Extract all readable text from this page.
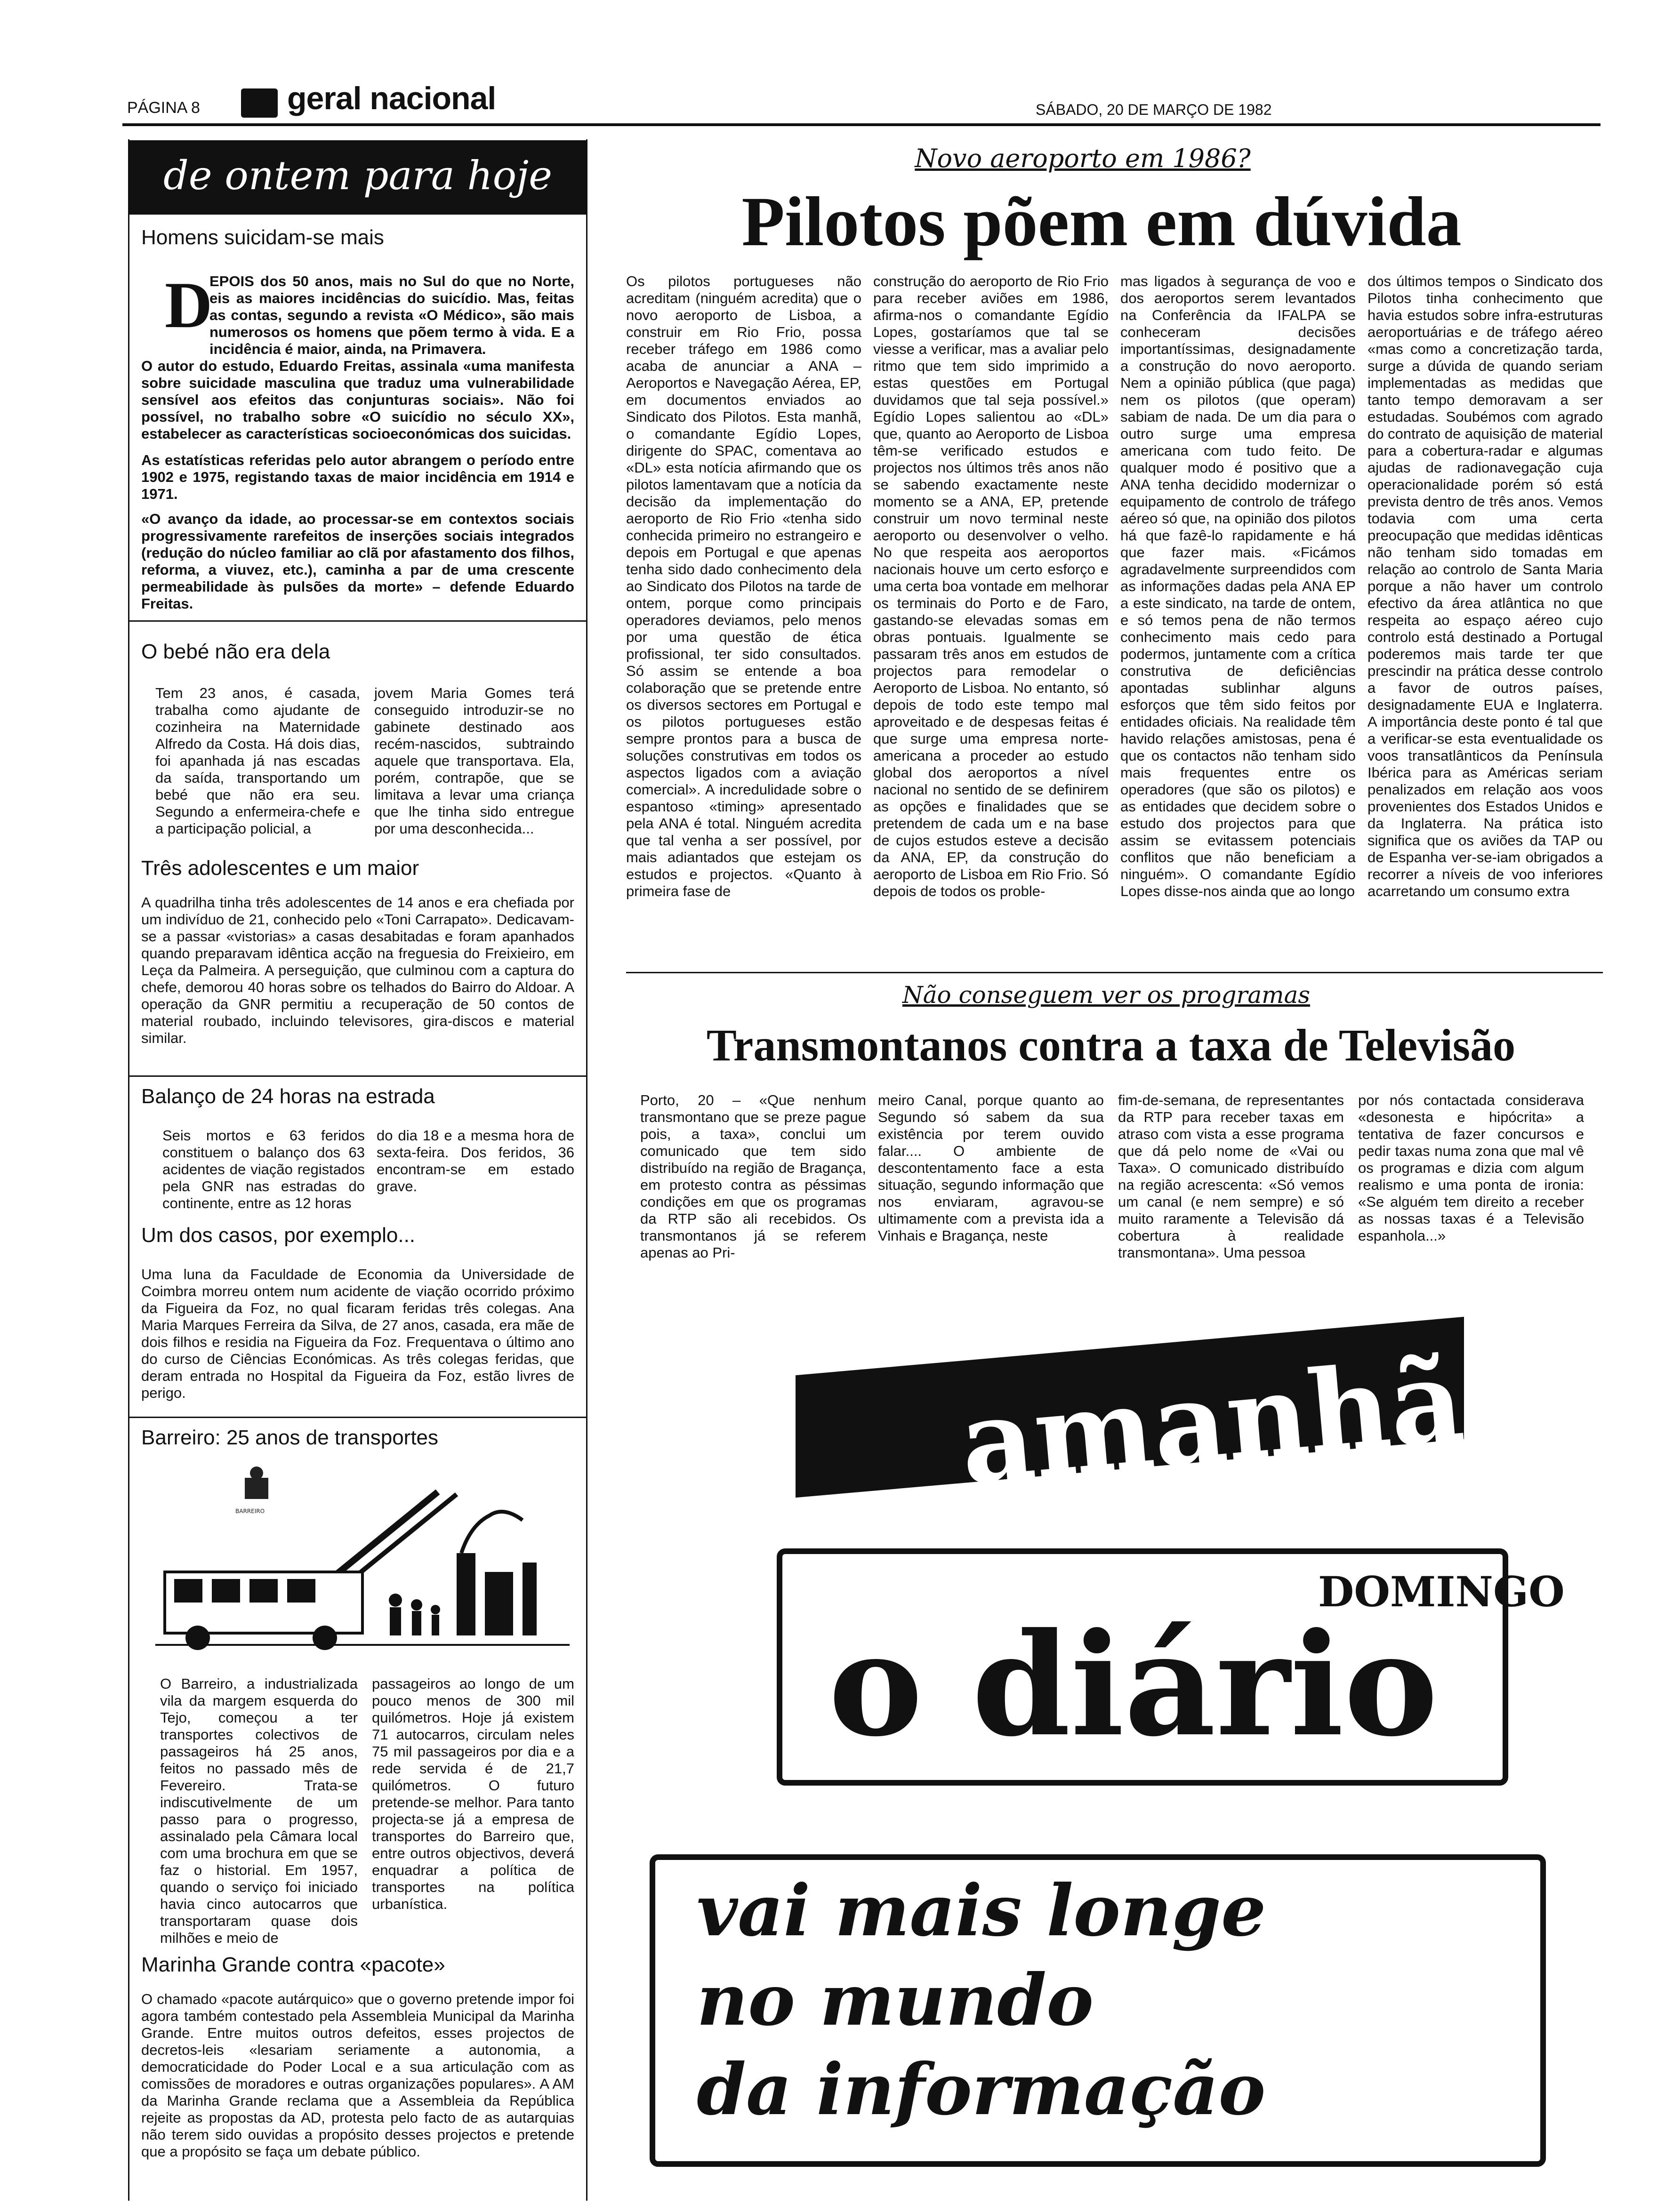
PÁGINA 8	geral nacional	SÁBADO, 20 DE MARÇO DE 1982
de ontem para hoje
Homens suicidam-se mais
D
EPOIS dos 50 anos, mais no Sul do que no Norte, eis as maiores incidências do suicídio. Mas, feitas as contas, segundo a revista «O Médico», são mais numerosos os homens que põem termo à vida. E a incidência é maior, ainda, na Primavera.
O autor do estudo, Eduardo Freitas, assinala «uma manifesta sobre suicidade masculina que traduz uma vulnerabilidade sensível aos efeitos das conjunturas sociais». Não foi possível, no trabalho sobre «O suicídio no século XX», estabelecer as características socioeconómicas dos suicidas.
As estatísticas referidas pelo autor abrangem o período entre 1902 e 1975, registando taxas de maior incidência em 1914 e 1971.
«O avanço da idade, ao processar-se em contextos sociais progressivamente rarefeitos de inserções sociais integrados (redução do núcleo familiar ao clã por afastamento dos filhos, reforma, a viuvez, etc.), caminha a par de uma crescente permeabilidade às pulsões da morte» – defende Eduardo Freitas.
O bebé não era dela
Tem 23 anos, é casada, trabalha como ajudante de cozinheira na Maternidade Alfredo da Costa. Há dois dias, foi apanhada já nas escadas da saída, transportando um bebé que não era seu. Segundo a enfermeira-chefe e a participação policial, a
jovem Maria Gomes terá conseguido introduzir-se no gabinete destinado aos recém-nascidos, subtraindo aquele que transportava. Ela, porém, contrapõe, que se limitava a levar uma criança que lhe tinha sido entregue por uma desconhecida...
Três adolescentes e um maior
A quadrilha tinha três adolescentes de 14 anos e era chefiada por um indivíduo de 21, conhecido pelo «Toni Carrapato». Dedicavam-se a passar «vistorias» a casas desabitadas e foram apanhados quando preparavam idêntica acção na freguesia do Freixieiro, em Leça da Palmeira. A perseguição, que culminou com a captura do chefe, demorou 40 horas sobre os telhados do Bairro do Aldoar. A operação da GNR permitiu a recuperação de 50 contos de material roubado, incluindo televisores, gira-discos e material similar.
Balanço de 24 horas na estrada
Seis mortos e 63 feridos constituem o balanço dos 63 acidentes de viação registados pela GNR nas estradas do continente, entre as 12 horas
do dia 18 e a mesma hora de sexta-feira. Dos feridos, 36 encontram-se em estado grave.
Um dos casos, por exemplo...
Uma luna da Faculdade de Economia da Universidade de Coimbra morreu ontem num acidente de viação ocorrido próximo da Figueira da Foz, no qual ficaram feridas três colegas. Ana Maria Marques Ferreira da Silva, de 27 anos, casada, era mãe de dois filhos e residia na Figueira da Foz. Frequentava o último ano do curso de Ciências Económicas. As três colegas feridas, que deram entrada no Hospital da Figueira da Foz, estão livres de perigo.
Barreiro: 25 anos de transportes
BARREIRO
O Barreiro, a industrializada vila da margem esquerda do Tejo, começou a ter transportes colectivos de passageiros há 25 anos, feitos no passado mês de Fevereiro. Trata-se indiscutivelmente de um passo para o progresso, assinalado pela Câmara local com uma brochura em que se faz o historial. Em 1957, quando o serviço foi iniciado havia cinco autocarros que transportaram quase dois milhões e meio de
passageiros ao longo de um pouco menos de 300 mil quilómetros. Hoje já existem 71 autocarros, circulam neles 75 mil passageiros por dia e a rede servida é de 21,7 quilómetros. O futuro pretende-se melhor. Para tanto projecta-se já a empresa de transportes do Barreiro que, entre outros objectivos, deverá enquadrar a política de transportes na política urbanística.
Marinha Grande contra «pacote»
O chamado «pacote autárquico» que o governo pretende impor foi agora também contestado pela Assembleia Municipal da Marinha Grande. Entre muitos outros defeitos, esses projectos de decretos-leis «lesariam seriamente a autonomia, a democraticidade do Poder Local e a sua articulação com as comissões de moradores e outras organizações populares». A AM da Marinha Grande reclama que a Assembleia da República rejeite as propostas da AD, protesta pelo facto de as autarquias não terem sido ouvidas a propósito desses projectos e pretende que a propósito se faça um debate público.
Novo aeroporto em 1986?
Pilotos põem em dúvida
Os pilotos portugueses não acreditam (ninguém acredita) que o novo aeroporto de Lisboa, a construir em Rio Frio, possa receber tráfego em 1986 como acaba de anunciar a ANA – Aeroportos e Navegação Aérea, EP, em documentos enviados ao Sindicato dos Pilotos. Esta manhã, o comandante Egídio Lopes, dirigente do SPAC, comentava ao «DL» esta notícia afirmando que os pilotos lamentavam que a notícia da decisão da implementação do aeroporto de Rio Frio «tenha sido conhecida primeiro no estrangeiro e depois em Portugal e que apenas tenha sido dado conhecimento dela ao Sindicato dos Pilotos na tarde de ontem, porque como principais operadores deviamos, pelo menos por uma questão de ética profissional, ter sido consultados. Só assim se entende a boa colaboração que se pretende entre os diversos sectores em Portugal e os pilotos portugueses estão sempre prontos para a busca de soluções construtivas em todos os aspectos ligados com a aviação comercial». A incredulidade sobre o espantoso «timing» apresentado pela ANA é total. Ninguém acredita que tal venha a ser possível, por mais adiantados que estejam os estudos e projectos. «Quanto à primeira fase de
construção do aeroporto de Rio Frio para receber aviões em 1986, afirma-nos o comandante Egídio Lopes, gostaríamos que tal se viesse a verificar, mas a avaliar pelo ritmo que tem sido imprimido a estas questões em Portugal duvidamos que tal seja possível.» Egídio Lopes salientou ao «DL» que, quanto ao Aeroporto de Lisboa têm-se verificado estudos e projectos nos últimos três anos não se sabendo exactamente neste momento se a ANA, EP, pretende construir um novo terminal neste aeroporto ou desenvolver o velho. No que respeita aos aeroportos nacionais houve um certo esforço e uma certa boa vontade em melhorar os terminais do Porto e de Faro, gastando-se elevadas somas em obras pontuais. Igualmente se passaram três anos em estudos de projectos para remodelar o Aeroporto de Lisboa. No entanto, só depois de todo este tempo mal aproveitado e de despesas feitas é que surge uma empresa norte-americana a proceder ao estudo global dos aeroportos a nível nacional no sentido de se definirem as opções e finalidades que se pretendem de cada um e na base de cujos estudos esteve a decisão da ANA, EP, da construção do aeroporto de Lisboa em Rio Frio. Só depois de todos os proble-
mas ligados à segurança de voo e dos aeroportos serem levantados na Conferência da IFALPA se conheceram decisões importantíssimas, designadamente a construção do novo aeroporto. Nem a opinião pública (que paga) nem os pilotos (que operam) sabiam de nada. De um dia para o outro surge uma empresa americana com tudo feito. De qualquer modo é positivo que a ANA tenha decidido modernizar o equipamento de controlo de tráfego aéreo só que, na opinião dos pilotos há que fazê-lo rapidamente e há que fazer mais. «Ficámos agradavelmente surpreendidos com as informações dadas pela ANA EP a este sindicato, na tarde de ontem, e só temos pena de não termos conhecimento mais cedo para podermos, juntamente com a crítica construtiva de deficiências apontadas sublinhar alguns esforços que têm sido feitos por entidades oficiais. Na realidade têm havido relações amistosas, pena é que os contactos não tenham sido mais frequentes entre os operadores (que são os pilotos) e as entidades que decidem sobre o estudo dos projectos para que assim se evitassem potenciais conflitos que não beneficiam a ninguém». O comandante Egídio Lopes disse-nos ainda que ao longo
dos últimos tempos o Sindicato dos Pilotos tinha conhecimento que havia estudos sobre infra-estruturas aeroportuárias e de tráfego aéreo «mas como a concretização tarda, surge a dúvida de quando seriam implementadas as medidas que tanto tempo demoravam a ser estudadas. Soubémos com agrado do contrato de aquisição de material para a cobertura-radar e algumas ajudas de radionavegação cuja operacionalidade porém só está prevista dentro de três anos. Vemos todavia com uma certa preocupação que medidas idênticas não tenham sido tomadas em relação ao controlo de Santa Maria porque a não haver um controlo efectivo da área atlântica no que respeita ao espaço aéreo cujo controlo está destinado a Portugal poderemos mais tarde ter que prescindir na prática desse controlo a favor de outros países, designadamente EUA e Inglaterra. A importância deste ponto é tal que a verificar-se esta eventualidade os voos transatlânticos da Península Ibérica para as Américas seriam penalizados em relação aos voos provenientes dos Estados Unidos e da Inglaterra. Na prática isto significa que os aviões da TAP ou de Espanha ver-se-iam obrigados a recorrer a níveis de voo inferiores acarretando um consumo extra
Não conseguem ver os programas
Transmontanos contra a taxa de Televisão
Porto, 20 – «Que nenhum transmontano que se preze pague pois, a taxa», conclui um comunicado que tem sido distribuído na região de Bragança, em protesto contra as péssimas condições em que os programas da RTP são ali recebidos. Os transmontanos já se referem apenas ao Pri-
meiro Canal, porque quanto ao Segundo só sabem da sua existência por terem ouvido falar.... O ambiente de descontentamento face a esta situação, segundo informação que nos enviaram, agravou-se ultimamente com a prevista ida a Vinhais e Bragança, neste
fim-de-semana, de representantes da RTP para receber taxas em atraso com vista a esse programa que dá pelo nome de «Vai ou Taxa». O comunicado distribuído na região acrescenta: «Só vemos um canal (e nem sempre) e só muito raramente a Televisão dá cobertura à realidade transmontana». Uma pessoa
por nós contactada considerava «desonesta e hipócrita» a tentativa de fazer concursos e pedir taxas numa zona que mal vê os programas e dizia com algum realismo e uma ponta de ironia: «Se alguém tem direito a receber as nossas taxas é a Televisão espanhola...»
amanhã
DOMINGO
o diário
vai mais longe
no mundo
da informação
